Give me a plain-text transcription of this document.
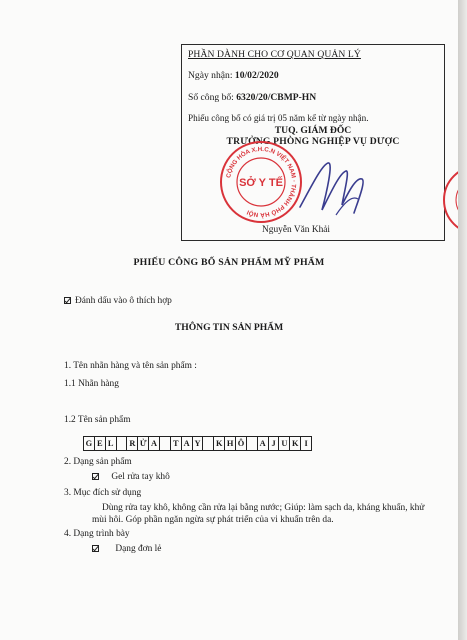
PHẦN DÀNH CHO CƠ QUAN QUẢN LÝ
Ngày nhận: 10/02/2020
Số công bố: 6320/20/CBMP-HN
Phiếu công bố có giá trị 05 năm kể từ ngày nhận.
TUQ. GIÁM ĐỐC
TRƯỞNG PHÒNG NGHIỆP VỤ DƯỢC
CỘNG HÒA X.H.C.N VIỆT NAM · THÀNH PHỐ HÀ NỘI
SỞ Y TẾ
Nguyễn Văn Khải
PHIẾU CÔNG BỐ SẢN PHẨM MỸ PHẨM
Đánh dấu vào ô thích hợp
THÔNG TIN SẢN PHẨM
1. Tên nhãn hàng và tên sản phẩm :
1.1 Nhãn hàng
1.2 Tên sản phẩm
G E L	R Ử A	T A Y	K H Ô	A J U K I
2. Dạng sản phẩm
Gel rửa tay khô
3. Mục đích sử dụng
Dùng rửa tay khô, không cần rửa lại bằng nước; Giúp: làm sạch da, kháng khuẩn, khử
mùi hôi. Góp phần ngăn ngừa sự phát triển của vi khuẩn trên da.
4. Dạng trình bày
Dạng đơn lẻ
